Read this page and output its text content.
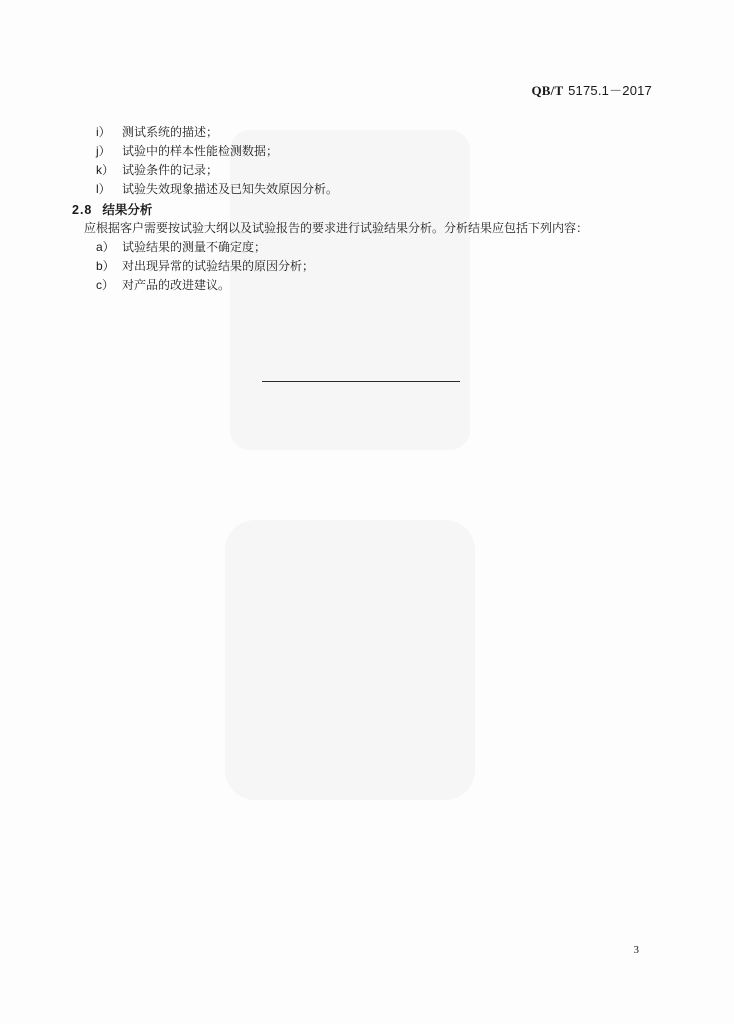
QB/T 5175.1－2017
i） 测试系统的描述；
j） 试验中的样本性能检测数据；
k） 试验条件的记录；
l） 试验失效现象描述及已知失效原因分析。
2.8 结果分析
应根据客户需要按试验大纲以及试验报告的要求进行试验结果分析。分析结果应包括下列内容：
a） 试验结果的测量不确定度；
b） 对出现异常的试验结果的原因分析；
c） 对产品的改进建议。
3
